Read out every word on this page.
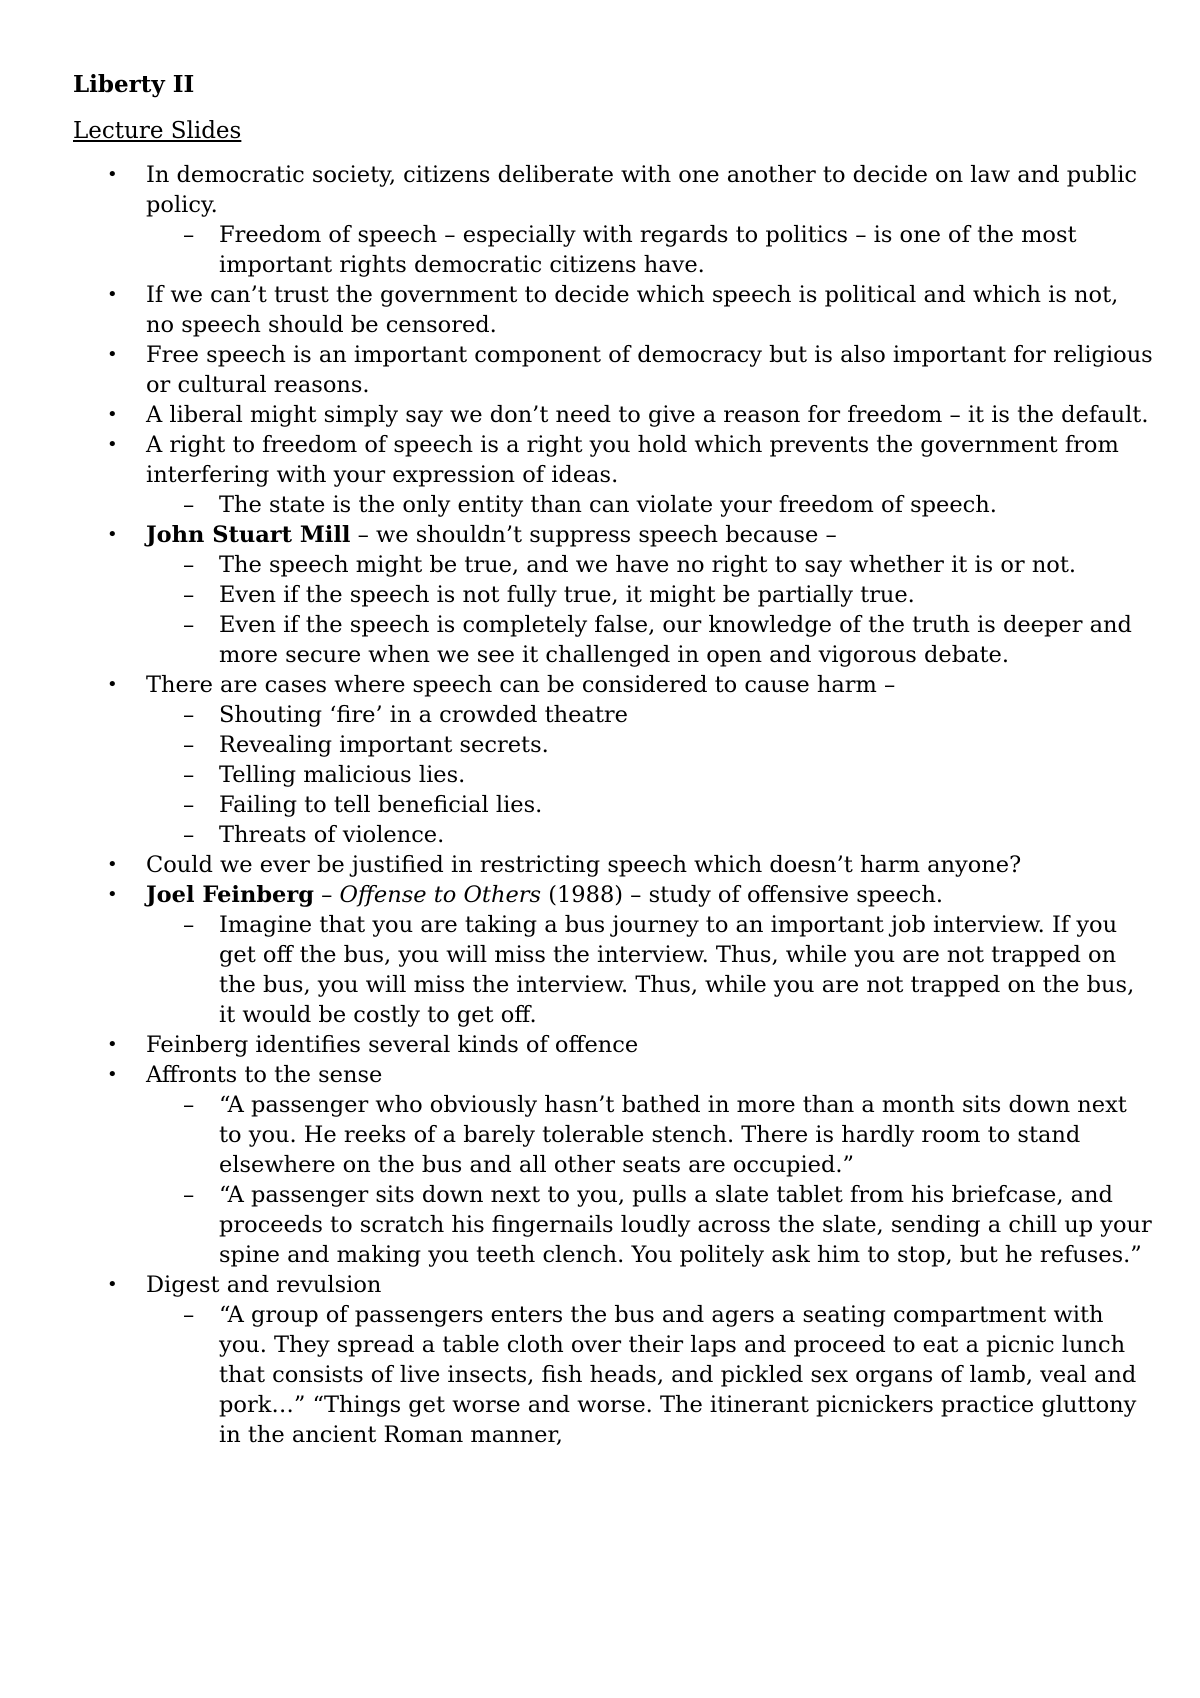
Liberty II
Lecture Slides
• In democratic society, citizens deliberate with one another to decide on law and public policy.
– Freedom of speech – especially with regards to politics – is one of the most important rights democratic citizens have.
• If we can’t trust the government to decide which speech is political and which is not, no speech should be censored.
• Free speech is an important component of democracy but is also important for religious or cultural reasons.
• A liberal might simply say we don’t need to give a reason for freedom – it is the default.
• A right to freedom of speech is a right you hold which prevents the government from interfering with your expression of ideas.
– The state is the only entity than can violate your freedom of speech.
• John Stuart Mill – we shouldn’t suppress speech because –
– The speech might be true, and we have no right to say whether it is or not.
– Even if the speech is not fully true, it might be partially true.
– Even if the speech is completely false, our knowledge of the truth is deeper and more secure when we see it challenged in open and vigorous debate.
• There are cases where speech can be considered to cause harm –
– Shouting ‘fire’ in a crowded theatre
– Revealing important secrets.
– Telling malicious lies.
– Failing to tell beneficial lies.
– Threats of violence.
• Could we ever be justified in restricting speech which doesn’t harm anyone?
• Joel Feinberg – Offense to Others (1988) – study of offensive speech.
– Imagine that you are taking a bus journey to an important job interview. If you get off the bus, you will miss the interview. Thus, while you are not trapped on the bus, you will miss the interview. Thus, while you are not trapped on the bus, it would be costly to get off.
• Feinberg identifies several kinds of offence
• Affronts to the sense
– “A passenger who obviously hasn’t bathed in more than a month sits down next to you. He reeks of a barely tolerable stench. There is hardly room to stand elsewhere on the bus and all other seats are occupied.”
– “A passenger sits down next to you, pulls a slate tablet from his briefcase, and proceeds to scratch his fingernails loudly across the slate, sending a chill up your spine and making you teeth clench. You politely ask him to stop, but he refuses.”
• Digest and revulsion
– “A group of passengers enters the bus and agers a seating compartment with you. They spread a table cloth over their laps and proceed to eat a picnic lunch that consists of live insects, fish heads, and pickled sex organs of lamb, veal and pork…” “Things get worse and worse. The itinerant picnickers practice gluttony in the ancient Roman manner,
